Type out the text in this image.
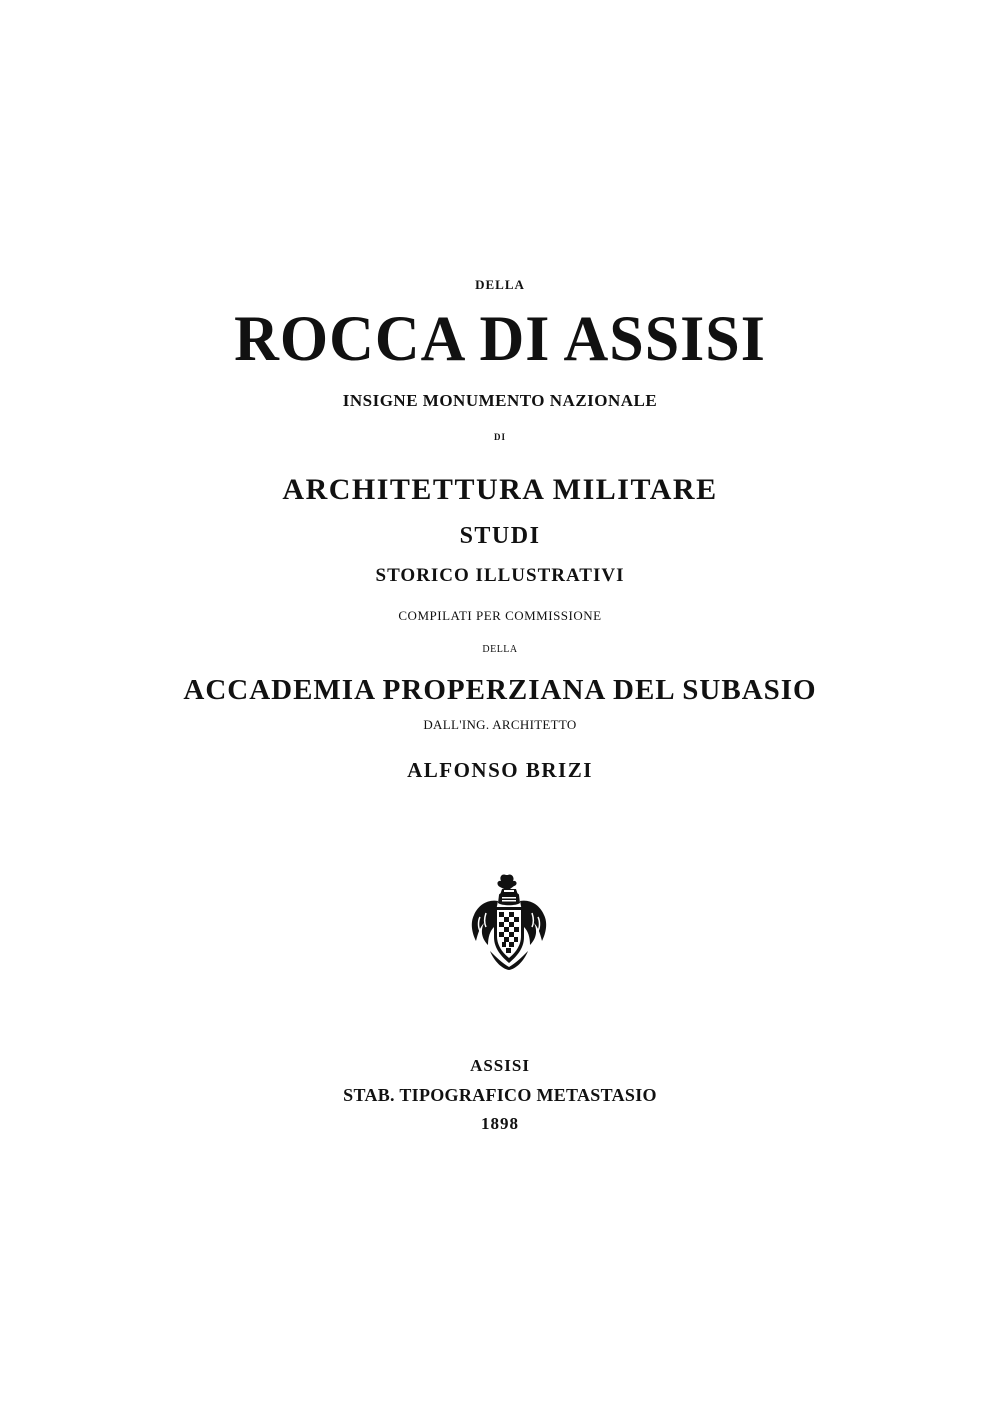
DELLA
ROCCA DI ASSISI
INSIGNE MONUMENTO NAZIONALE
DI
ARCHITETTURA MILITARE
STUDI
STORICO ILLUSTRATIVI
COMPILATI PER COMMISSIONE
DELLA
ACCADEMIA PROPERZIANA DEL SUBASIO
DALL'ING. ARCHITETTO
ALFONSO BRIZI
ASSISI
STAB. TIPOGRAFICO METASTASIO
1898
